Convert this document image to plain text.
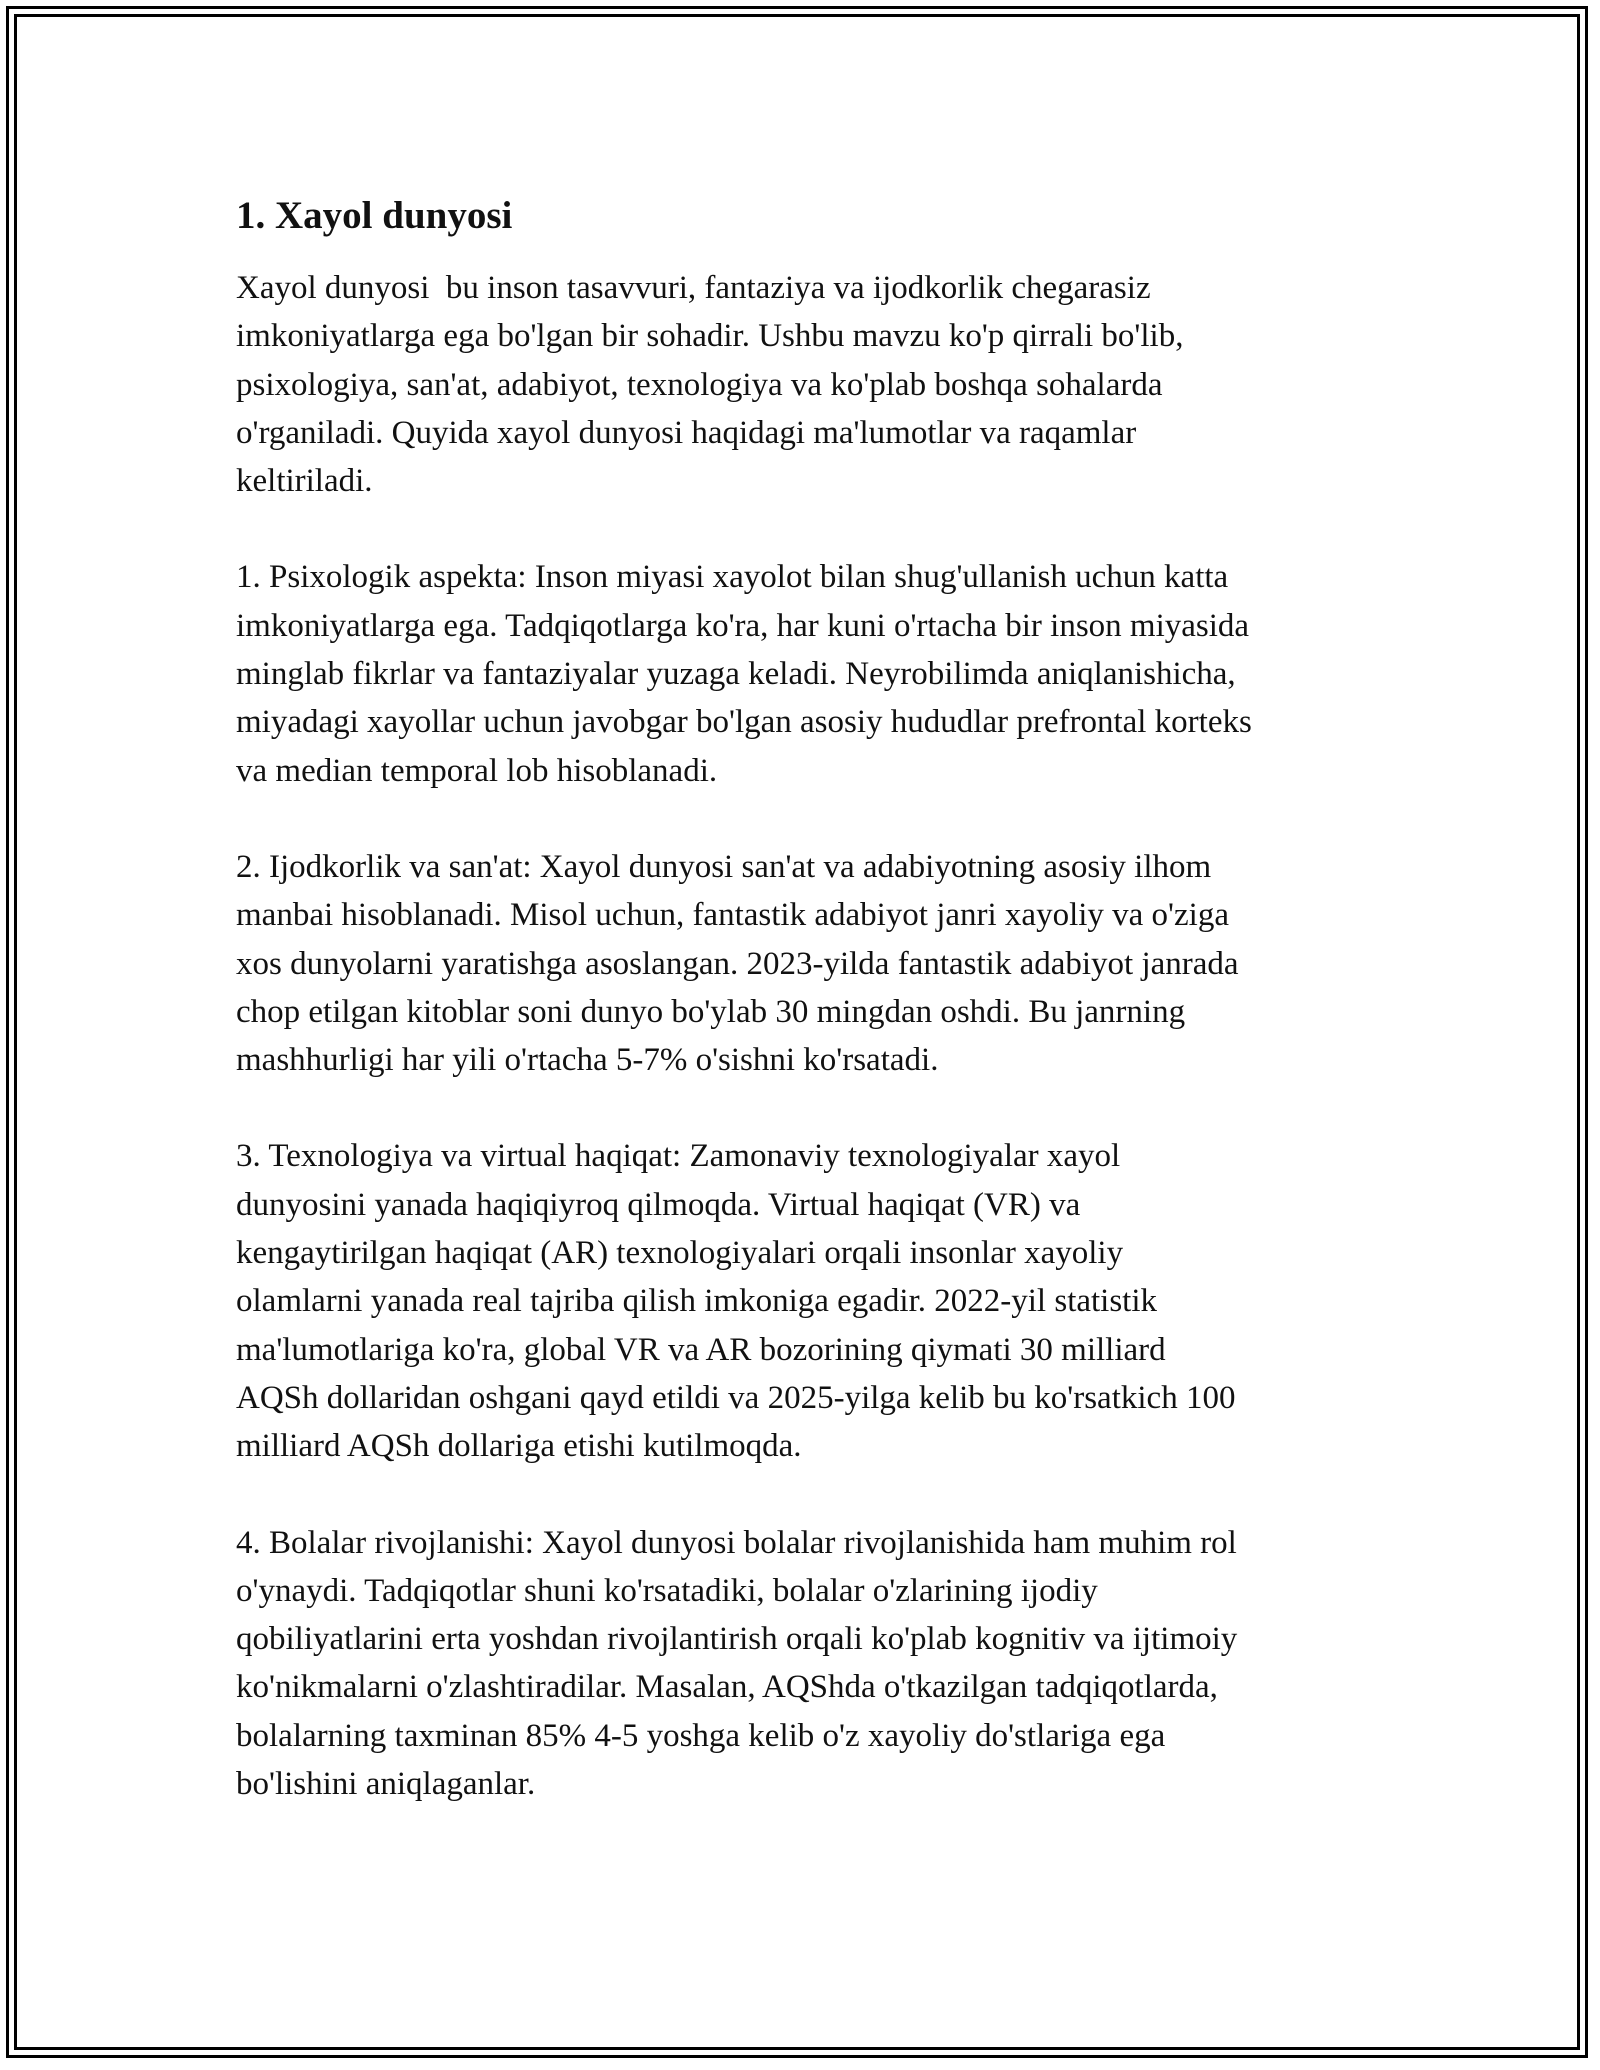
1. Xayol dunyosi

Xayol dunyosi  bu inson tasavvuri, fantaziya va ijodkorlik chegarasiz
imkoniyatlarga ega bo'lgan bir sohadir. Ushbu mavzu ko'p qirrali bo'lib,
psixologiya, san'at, adabiyot, texnologiya va ko'plab boshqa sohalarda
o'rganiladi. Quyida xayol dunyosi haqidagi ma'lumotlar va raqamlar
keltiriladi.

1. Psixologik aspekta: Inson miyasi xayolot bilan shug'ullanish uchun katta
imkoniyatlarga ega. Tadqiqotlarga ko'ra, har kuni o'rtacha bir inson miyasida
minglab fikrlar va fantaziyalar yuzaga keladi. Neyrobilimda aniqlanishicha,
miyadagi xayollar uchun javobgar bo'lgan asosiy hududlar prefrontal korteks
va median temporal lob hisoblanadi.

2. Ijodkorlik va san'at: Xayol dunyosi san'at va adabiyotning asosiy ilhom
manbai hisoblanadi. Misol uchun, fantastik adabiyot janri xayoliy va o'ziga
xos dunyolarni yaratishga asoslangan. 2023-yilda fantastik adabiyot janrada
chop etilgan kitoblar soni dunyo bo'ylab 30 mingdan oshdi. Bu janrning
mashhurligi har yili o'rtacha 5-7% o'sishni ko'rsatadi.

3. Texnologiya va virtual haqiqat: Zamonaviy texnologiyalar xayol
dunyosini yanada haqiqiyroq qilmoqda. Virtual haqiqat (VR) va
kengaytirilgan haqiqat (AR) texnologiyalari orqali insonlar xayoliy
olamlarni yanada real tajriba qilish imkoniga egadir. 2022-yil statistik
ma'lumotlariga ko'ra, global VR va AR bozorining qiymati 30 milliard
AQSh dollaridan oshgani qayd etildi va 2025-yilga kelib bu ko'rsatkich 100
milliard AQSh dollariga etishi kutilmoqda.

4. Bolalar rivojlanishi: Xayol dunyosi bolalar rivojlanishida ham muhim rol
o'ynaydi. Tadqiqotlar shuni ko'rsatadiki, bolalar o'zlarining ijodiy
qobiliyatlarini erta yoshdan rivojlantirish orqali ko'plab kognitiv va ijtimoiy
ko'nikmalarni o'zlashtiradilar. Masalan, AQShda o'tkazilgan tadqiqotlarda,
bolalarning taxminan 85% 4-5 yoshga kelib o'z xayoliy do'stlariga ega
bo'lishini aniqlaganlar.
